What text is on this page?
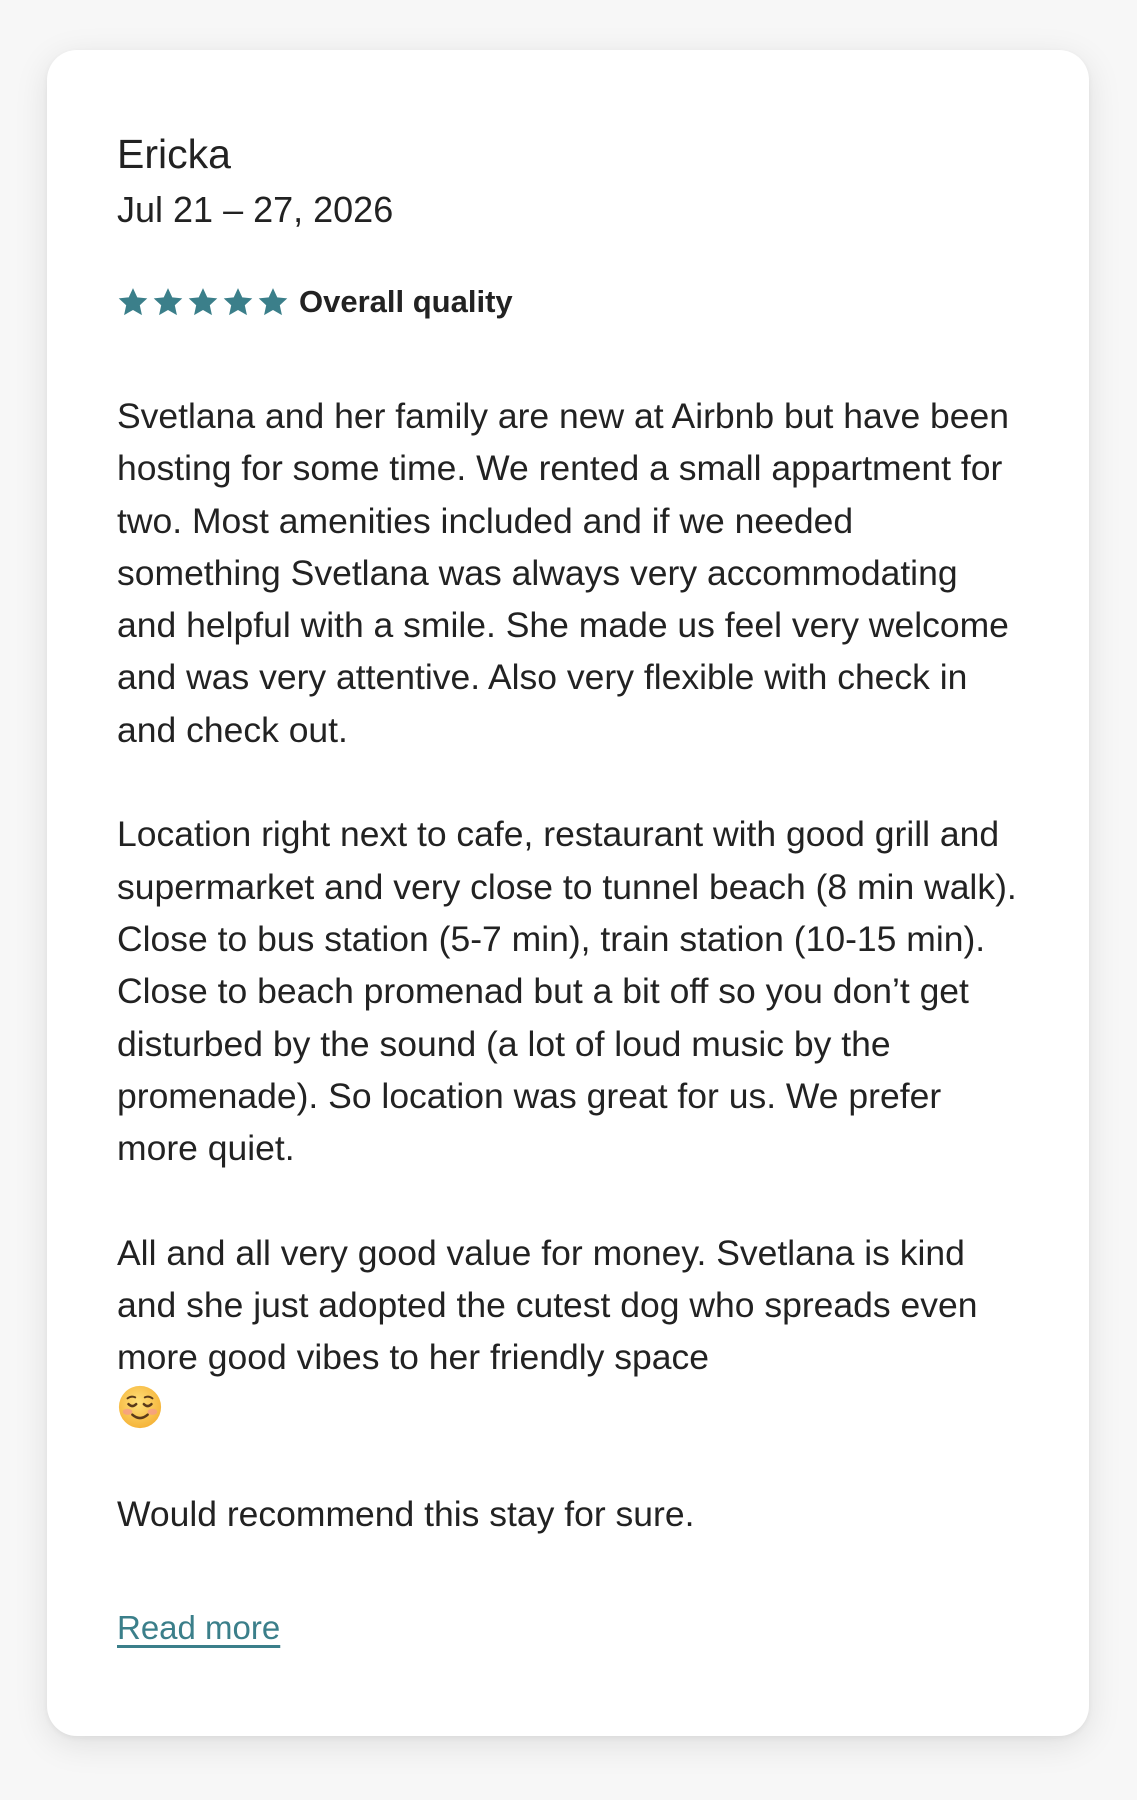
Ericka
Jul 21 – 27, 2026
Overall quality

Svetlana and her family are new at Airbnb but have been hosting for some time. We rented a small appartment for two. Most amenities included and if we needed something Svetlana was always very accommodating and helpful with a smile. She made us feel very welcome and was very attentive. Also very flexible with check in and check out.

Location right next to cafe, restaurant with good grill and supermarket and very close to tunnel beach (8 min walk). Close to bus station (5-7 min), train station (10-15 min). Close to beach promenad but a bit off so you don’t get disturbed by the sound (a lot of loud music by the promenade). So location was great for us. We prefer more quiet.

All and all very good value for money. Svetlana is kind and she just adopted the cutest dog who spreads even more good vibes to her friendly space

Would recommend this stay for sure.

Read more
